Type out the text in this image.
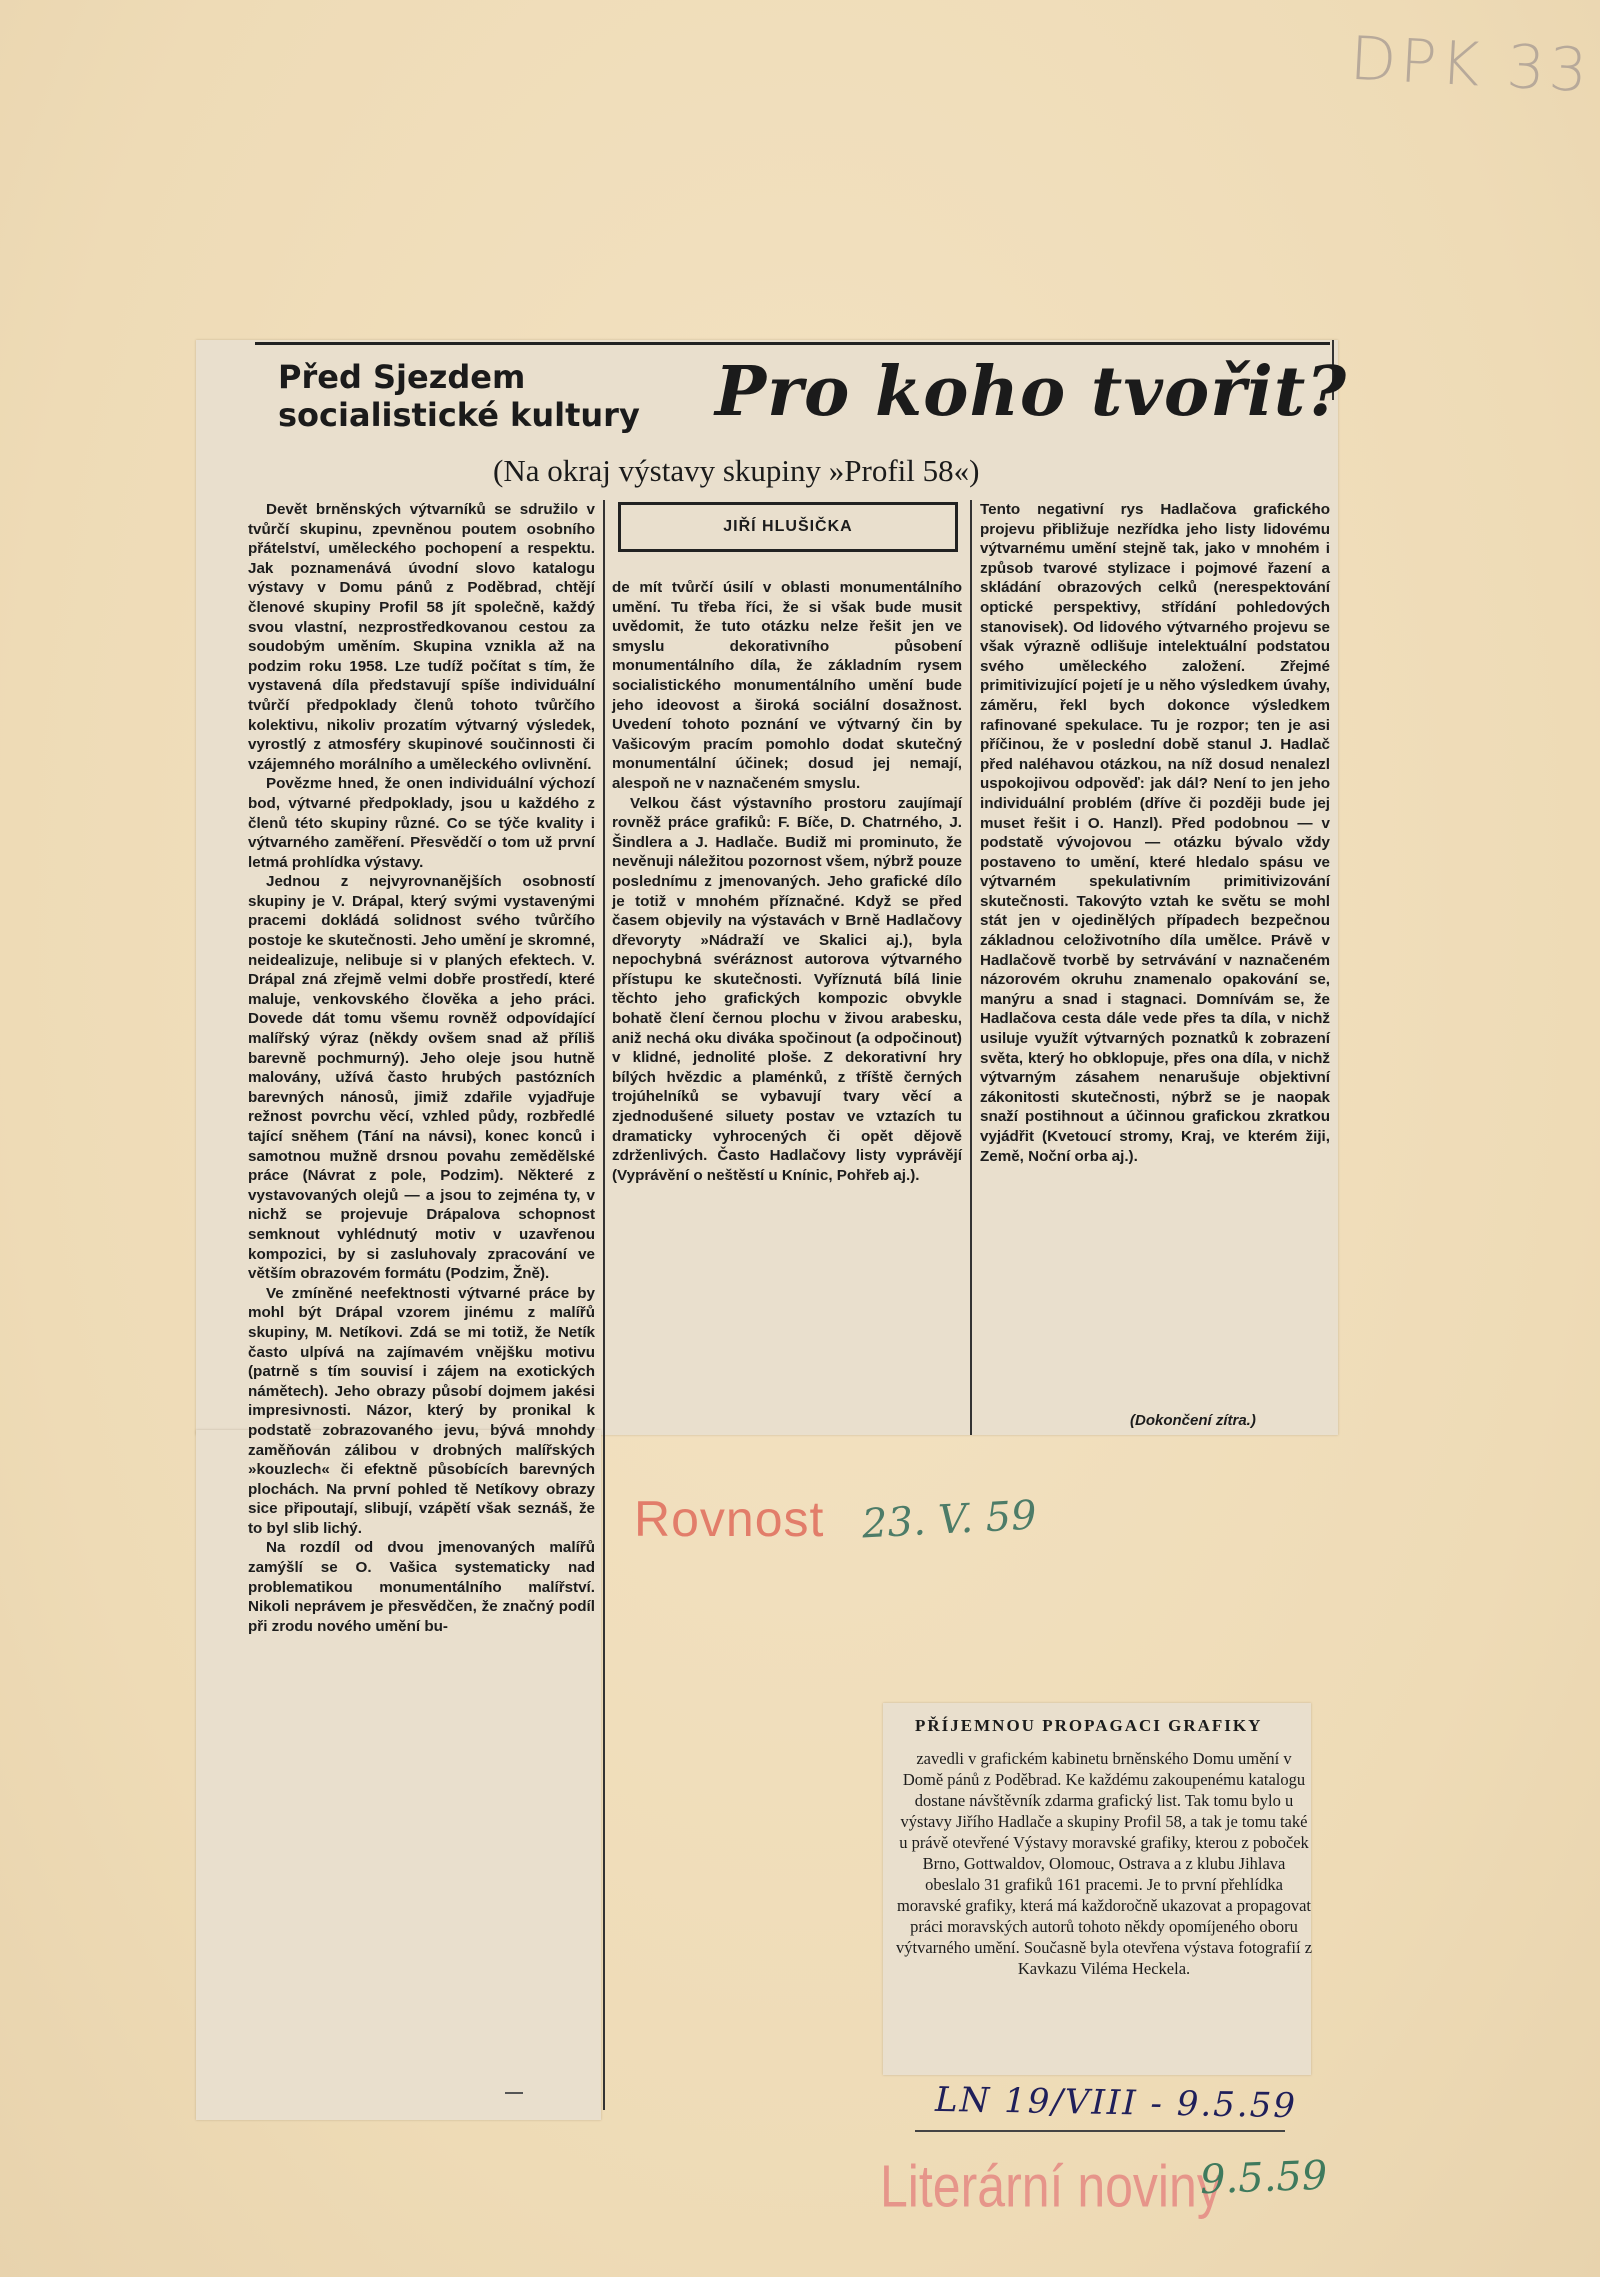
DPK 33
Před Sjezdem
socialistické kultury Pro koho tvořit?
(Na okraj výstavy skupiny »Profil 58«)
JIŘÍ HLUŠIČKA

Devět brněnských výtvarníků se sdružilo v tvůrčí skupinu, zpevněnou poutem osobního přátelství, uměleckého pochopení a respektu. Jak poznamenává úvodní slovo katalogu výstavy v Domu pánů z Poděbrad, chtějí členové skupiny Profil 58 jít společně, každý svou vlastní, nezprostředkovanou cestou za soudobým uměním. Skupina vznikla až na podzim roku 1958. Lze tudíž počítat s tím, že vystavená díla představují spíše individuální tvůrčí předpoklady členů tohoto tvůrčího kolektivu, nikoliv prozatím výtvarný výsledek, vyrostlý z atmosféry skupinové součinnosti či vzájemného morálního a uměleckého ovlivnění.

Povězme hned, že onen individuální výchozí bod, výtvarné předpoklady, jsou u každého z členů této skupiny různé. Co se týče kvality i výtvarného zaměření. Přesvědčí o tom už první letmá prohlídka výstavy.

Jednou z nejvyrovnanějších osobností skupiny je V. Drápal, který svými vystavenými pracemi dokládá solidnost svého tvůrčího postoje ke skutečnosti. Jeho umění je skromné, neidealizuje, nelibuje si v planých efektech. V. Drápal zná zřejmě velmi dobře prostředí, které maluje, venkovského člověka a jeho práci. Dovede dát tomu všemu rovněž odpovídající malířský výraz (někdy ovšem snad až příliš barevně pochmurný). Jeho oleje jsou hutně malovány, užívá často hrubých pastózních barevných nánosů, jimiž zdařile vyjadřuje režnost povrchu věcí, vzhled půdy, rozbředlé tající sněhem (Tání na návsi), konec konců i samotnou mužně drsnou povahu zemědělské práce (Návrat z pole, Podzim). Některé z vystavovaných olejů — a jsou to zejména ty, v nichž se projevuje Drápalova schopnost semknout vyhlédnutý motiv v uzavřenou kompozici, by si zasluhovaly zpracování ve větším obrazovém formátu (Podzim, Žně).

Ve zmíněné neefektnosti výtvarné práce by mohl být Drápal vzorem jinému z malířů skupiny, M. Netíkovi. Zdá se mi totiž, že Netík často ulpívá na zajímavém vnějšku motivu (patrně s tím souvisí i zájem na exotických námětech). Jeho obrazy působí dojmem jakési impresivnosti. Názor, který by pronikal k podstatě zobrazovaného jevu, bývá mnohdy zaměňován zálibou v drobných malířských »kouzlech« či efektně působících barevných plochách. Na první pohled tě Netíkovy obrazy sice připoutají, slibují, vzápětí však seznáš, že to byl slib lichý.

Na rozdíl od dvou jmenovaných malířů zamýšlí se O. Vašica systematicky nad problematikou monumentálního malířství. Nikoli neprávem je přesvědčen, že značný podíl při zrodu nového umění bu-

de mít tvůrčí úsilí v oblasti monumentálního umění. Tu třeba říci, že si však bude musit uvědomit, že tuto otázku nelze řešit jen ve smyslu dekorativního působení monumentálního díla, že základním rysem socialistického monumentálního umění bude jeho ideovost a široká sociální dosažnost. Uvedení tohoto poznání ve výtvarný čin by Vašicovým pracím pomohlo dodat skutečný monumentální účinek; dosud jej nemají, alespoň ne v naznačeném smyslu.

Velkou část výstavního prostoru zaujímají rovněž práce grafiků: F. Bíče, D. Chatrného, J. Šindlera a J. Hadlače. Budiž mi prominuto, že nevěnuji náležitou pozornost všem, nýbrž pouze poslednímu z jmenovaných. Jeho grafické dílo je totiž v mnohém příznačné. Když se před časem objevily na výstavách v Brně Hadlačovy dřevoryty »Nádraží ve Skalici aj.), byla nepochybná svéráznost autorova výtvarného přístupu ke skutečnosti. Vyříznutá bílá linie těchto jeho grafických kompozic obvykle bohatě člení černou plochu v živou arabesku, aniž nechá oku diváka spočinout (a odpočinout) v klidné, jednolité ploše. Z dekorativní hry bílých hvězdic a plaménků, z tříště černých trojúhelníků se vybavují tvary věcí a zjednodušené siluety postav ve vztazích tu dramaticky vyhrocených či opět dějově zdrženlivých. Často Hadlačovy listy vyprávějí (Vyprávění o neštěstí u Knínic, Pohřeb aj.).

Tento negativní rys Hadlačova grafického projevu přibližuje nezřídka jeho listy lidovému výtvarnému umění stejně tak, jako v mnohém i způsob tvarové stylizace i pojmové řazení a skládání obrazových celků (nerespektování optické perspektivy, střídání pohledových stanovisek). Od lidového výtvarného projevu se však výrazně odlišuje intelektuální podstatou svého uměleckého založení. Zřejmé primitivizující pojetí je u něho výsledkem úvahy, záměru, řekl bych dokonce výsledkem rafinované spekulace. Tu je rozpor; ten je asi příčinou, že v poslední době stanul J. Hadlač před naléhavou otázkou, na níž dosud nenalezl uspokojivou odpověď: jak dál? Není to jen jeho individuální problém (dříve či později bude jej muset řešit i O. Hanzl). Před podobnou — v podstatě vývojovou — otázku bývalo vždy postaveno to umění, které hledalo spásu ve výtvarném spekulativním primitivizování skutečnosti. Takovýto vztah ke světu se mohl stát jen v ojedinělých případech bezpečnou základnou celoživotního díla umělce. Právě v Hadlačově tvorbě by setrvávání v naznačeném názorovém okruhu znamenalo opakování se, manýru a snad i stagnaci. Domnívám se, že Hadlačova cesta dále vede přes ta díla, v nichž usiluje využít výtvarných poznatků k zobrazení světa, který ho obklopuje, přes ona díla, v nichž výtvarným zásahem nenarušuje objektivní zákonitosti skutečnosti, nýbrž se je naopak snaží postihnout a účinnou grafickou zkratkou vyjádřit (Kvetoucí stromy, Kraj, ve kterém žiji, Země, Noční orba aj.).

(Dokončení zítra.)
Rovnost 23. V. 59
PŘÍJEMNOU PROPAGACI GRAFIKY
zavedli v grafickém kabinetu brněnského Domu umění v Domě pánů z Poděbrad. Ke každému zakoupenému katalogu dostane návštěvník zdarma grafický list. Tak tomu bylo u výstavy Jiřího Hadlače a skupiny Profil 58, a tak je tomu také u právě otevřené Výstavy moravské grafiky, kterou z poboček Brno, Gottwaldov, Olomouc, Ostrava a z klubu Jihlava obeslalo 31 grafiků 161 pracemi. Je to první přehlídka moravské grafiky, která má každoročně ukazovat a propagovat práci moravských autorů tohoto někdy opomíjeného oboru výtvarného umění. Současně byla otevřena výstava fotografií z Kavkazu Viléma Heckela.
LN 19/VIII - 9.5.59
Literární noviny
9.5.59
